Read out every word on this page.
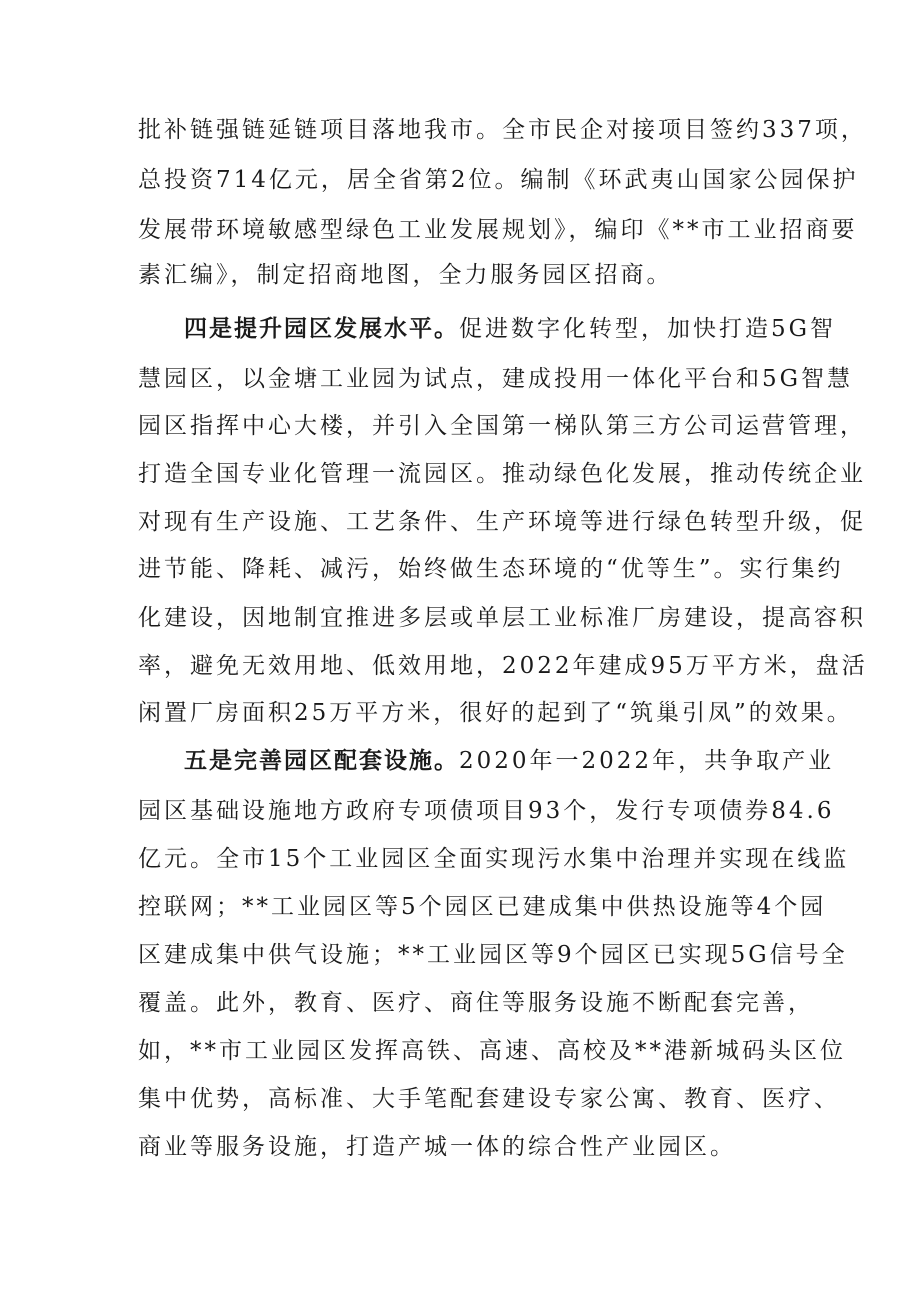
批补链强链延链项目落地我市。全市民企对接项目签约337项，
总投资714亿元，居全省第2位。编制《环武夷山国家公园保护
发展带环境敏感型绿色工业发展规划》，编印《**市工业招商要
素汇编》，制定招商地图，全力服务园区招商。
四是提升园区发展水平。促进数字化转型，加快打造5G智
慧园区，以金塘工业园为试点，建成投用一体化平台和5G智慧
园区指挥中心大楼，并引入全国第一梯队第三方公司运营管理，
打造全国专业化管理一流园区。推动绿色化发展，推动传统企业
对现有生产设施、工艺条件、生产环境等进行绿色转型升级，促
进节能、降耗、减污，始终做生态环境的“优等生”。实行集约
化建设，因地制宜推进多层或单层工业标准厂房建设，提高容积
率，避免无效用地、低效用地，2022年建成95万平方米，盘活
闲置厂房面积25万平方米，很好的起到了“筑巢引凤”的效果。
五是完善园区配套设施。2020年一2022年，共争取产业
园区基础设施地方政府专项债项目93个，发行专项债券84.6
亿元。全市15个工业园区全面实现污水集中治理并实现在线监
控联网；**工业园区等5个园区已建成集中供热设施等4个园
区建成集中供气设施；**工业园区等9个园区已实现5G信号全
覆盖。此外，教育、医疗、商住等服务设施不断配套完善，
如，**市工业园区发挥高铁、高速、高校及**港新城码头区位
集中优势，高标准、大手笔配套建设专家公寓、教育、医疗、
商业等服务设施，打造产城一体的综合性产业园区。
